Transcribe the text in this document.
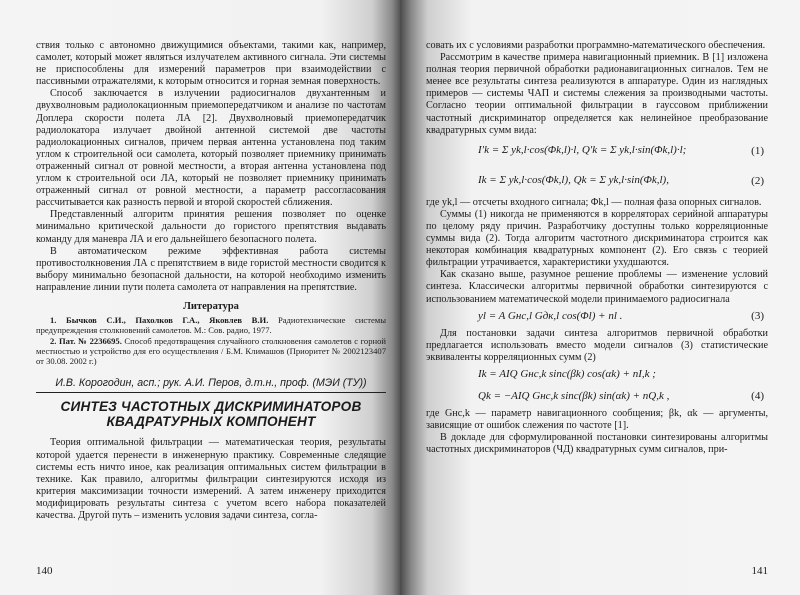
ствия только с автономно движущимися объектами, такими как, например, самолет, который может являться излучателем активного сигнала. Эти системы не приспособлены для измерений параметров при взаимодействии с пассивными отражателями, к которым относится и горная земная поверхность.

Способ заключается в излучении радиосигналов двухантенным и двухволновым радиолокационным приемопередатчиком и анализе по частотам Доплера скорости полета ЛА [2]. Двухволновый приемопередатчик радиолокатора излучает двойной антенной системой две частоты радиолокационных сигналов, причем первая антенна установлена под таким углом к строительной оси самолета, который позволяет приемнику принимать отраженный сигнал от ровной местности, а вторая антенна установлена под углом к строительной оси ЛА, который не позволяет приемнику принимать отраженный сигнал от ровной местности, а параметр рассогласования рассчитывается как разность первой и второй скоростей сближения.

Представленный алгоритм принятия решения позволяет по оценке минимально критической дальности до гористого препятствия выдавать команду для маневра ЛА и его дальнейшего безопасного полета.

В автоматическом режиме эффективная работа системы противостолкновения ЛА с препятствием в виде гористой местности сводится к выбору минимально безопасной дальности, на которой необходимо изменить направление линии пути полета самолета от направления на препятствие.

Литература

1. Бычков С.И., Пахолков Г.А., Яковлев В.И. Радиотехнические системы предупреждения столкновений самолетов. М.: Сов. радио, 1977.

2. Пат. № 2236695. Способ предотвращения случайного столкновения самолетов с горной местностью и устройство для его осуществления / Б.М. Климашов (Приоритет № 2002123407 от 30.08. 2002 г.)

И.В. Корогодин, асп.; рук. А.И. Перов, д.т.н., проф. (МЭИ (ТУ))
СИНТЕЗ ЧАСТОТНЫХ ДИСКРИМИНАТОРОВ КВАДРАТУРНЫХ КОМПОНЕНТ

Теория оптимальной фильтрации — математическая теория, результаты которой удается перенести в инженерную практику. Современные следящие системы есть ничто иное, как реализация оптимальных систем фильтрации в технике. Как правило, алгоритмы фильтрации синтезируются исходя из критерия максимизации точности измерений. А затем инженеру приходится модифицировать результаты синтеза с учетом всего набора показателей качества. Другой путь – изменить условия задачи синтеза, согла-

140

совать их с условиями разработки программно-математического обеспечения.

Рассмотрим в качестве примера навигационный приемник. В [1] изложена полная теория первичной обработки радионавигационных сигналов. Тем не менее все результаты синтеза реализуются в аппаратуре. Один из наглядных примеров — системы ЧАП и системы слежения за производными частоты. Согласно теории оптимальной фильтрации в гауссовом приближении частотный дискриминатор определяется как нелинейное преобразование квадратурных сумм вида:

I′k = Σ yk,l·cos(Φk,l)·l, Q′k = Σ yk,l·sin(Φk,l)·l;	(1)
Ik = Σ yk,l·cos(Φk,l), Qk = Σ yk,l·sin(Φk,l),	(2)

где yk,l — отсчеты входного сигнала; Φk,l — полная фаза опорных сигналов.

Суммы (1) никогда не применяются в корреляторах серийной аппаратуры по целому ряду причин. Разработчику доступны только корреляционные суммы вида (2). Тогда алгоритм частотного дискриминатора строится как некоторая комбинация квадратурных компонент (2). Его связь с теорией фильтрации утрачивается, характеристики ухудшаются.

Как сказано выше, разумное решение проблемы — изменение условий синтеза. Классически алгоритмы первичной обработки синтезируются с использованием математической модели принимаемого радиосигнала

yl = A Gнс,l Gдк,l cos(Φl) + nl .	(3)

Для постановки задачи синтеза алгоритмов первичной обработки предлагается использовать вместо модели сигналов (3) статистические эквиваленты корреляционных сумм (2)

Ik = AIQ Gнс,k sinc(βk) cos(αk) + nI,k ;
Qk = −AIQ Gнс,k sinc(βk) sin(αk) + nQ,k ,	(4)

где Gнс,k — параметр навигационного сообщения; βk, αk — аргументы, зависящие от ошибок слежения по частоте [1].

В докладе для сформулированной постановки синтезированы алгоритмы частотных дискриминаторов (ЧД) квадратурных сумм сигналов, при-

141
